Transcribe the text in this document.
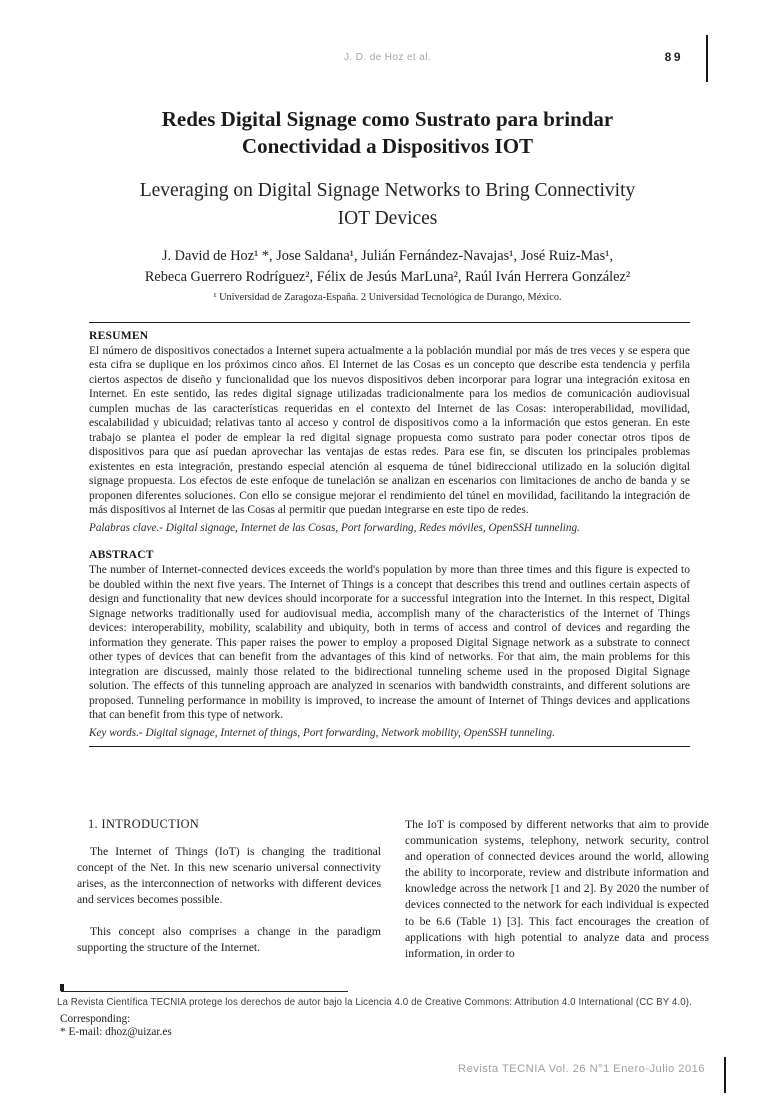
J. D. de Hoz et al.	89
Redes Digital Signage como Sustrato para brindar
Conectividad a Dispositivos IOT
Leveraging on Digital Signage Networks to Bring Connectivity
IOT Devices
J. David de Hoz¹ *, Jose Saldana¹, Julián Fernández-Navajas¹, José Ruiz-Mas¹,
Rebeca Guerrero Rodríguez², Félix de Jesús MarLuna², Raúl Iván Herrera González²
¹ Universidad de Zaragoza-España. 2 Universidad Tecnológica de Durango, México.
RESUMEN

El número de dispositivos conectados a Internet supera actualmente a la población mundial por más de tres veces y se espera que esta cifra se duplique en los próximos cinco años. El Internet de las Cosas es un concepto que describe esta tendencia y perfila ciertos aspectos de diseño y funcionalidad que los nuevos dispositivos deben incorporar para lograr una integración exitosa en Internet. En este sentido, las redes digital signage utilizadas tradicionalmente para los medios de comunicación audiovisual cumplen muchas de las características requeridas en el contexto del Internet de las Cosas: interoperabilidad, movilidad, escalabilidad y ubicuidad; relativas tanto al acceso y control de dispositivos como a la información que estos generan. En este trabajo se plantea el poder de emplear la red digital signage propuesta como sustrato para poder conectar otros tipos de dispositivos para que así puedan aprovechar las ventajas de estas redes. Para ese fin, se discuten los principales problemas existentes en esta integración, prestando especial atención al esquema de túnel bidireccional utilizado en la solución digital signage propuesta. Los efectos de este enfoque de tunelación se analizan en escenarios con limitaciones de ancho de banda y se proponen diferentes soluciones. Con ello se consigue mejorar el rendimiento del túnel en movilidad, facilitando la integración de más dispositivos al Internet de las Cosas al permitir que puedan integrarse en este tipo de redes.

Palabras clave.- Digital signage, Internet de las Cosas, Port forwarding, Redes móviles, OpenSSH tunneling.

ABSTRACT

The number of Internet-connected devices exceeds the world's population by more than three times and this figure is expected to be doubled within the next five years. The Internet of Things is a concept that describes this trend and outlines certain aspects of design and functionality that new devices should incorporate for a successful integration into the Internet. In this respect, Digital Signage networks traditionally used for audiovisual media, accomplish many of the characteristics of the Internet of Things devices: interoperability, mobility, scalability and ubiquity, both in terms of access and control of devices and regarding the information they generate. This paper raises the power to employ a proposed Digital Signage network as a substrate to connect other types of devices that can benefit from the advantages of this kind of networks. For that aim, the main problems for this integration are discussed, mainly those related to the bidirectional tunneling scheme used in the proposed Digital Signage solution. The effects of this tunneling approach are analyzed in scenarios with bandwidth constraints, and different solutions are proposed. Tunneling performance in mobility is improved, to increase the amount of Internet of Things devices and applications that can benefit from this type of network.

Key words.- Digital signage, Internet of things, Port forwarding, Network mobility, OpenSSH tunneling.

1. INTRODUCTION

The Internet of Things (IoT) is changing the traditional concept of the Net. In this new scenario universal connectivity arises, as the interconnection of networks with different devices and services becomes possible.

This concept also comprises a change in the paradigm supporting the structure of the Internet.

The IoT is composed by different networks that aim to provide communication systems, telephony, network security, control and operation of connected devices around the world, allowing the ability to incorporate, review and distribute information and knowledge across the network [1 and 2]. By 2020 the number of devices connected to the network for each individual is expected to be 6.6 (Table 1) [3]. This fact encourages the creation of applications with high potential to analyze data and process information, in order to

La Revista Científica TECNIA protege los derechos de autor bajo la Licencia 4.0 de Creative Commons: Attribution 4.0 International (CC BY 4.0).
Corresponding:
* E-mail: dhoz@uizar.es
Revista TECNIA Vol. 26 N°1 Enero-Julio 2016
